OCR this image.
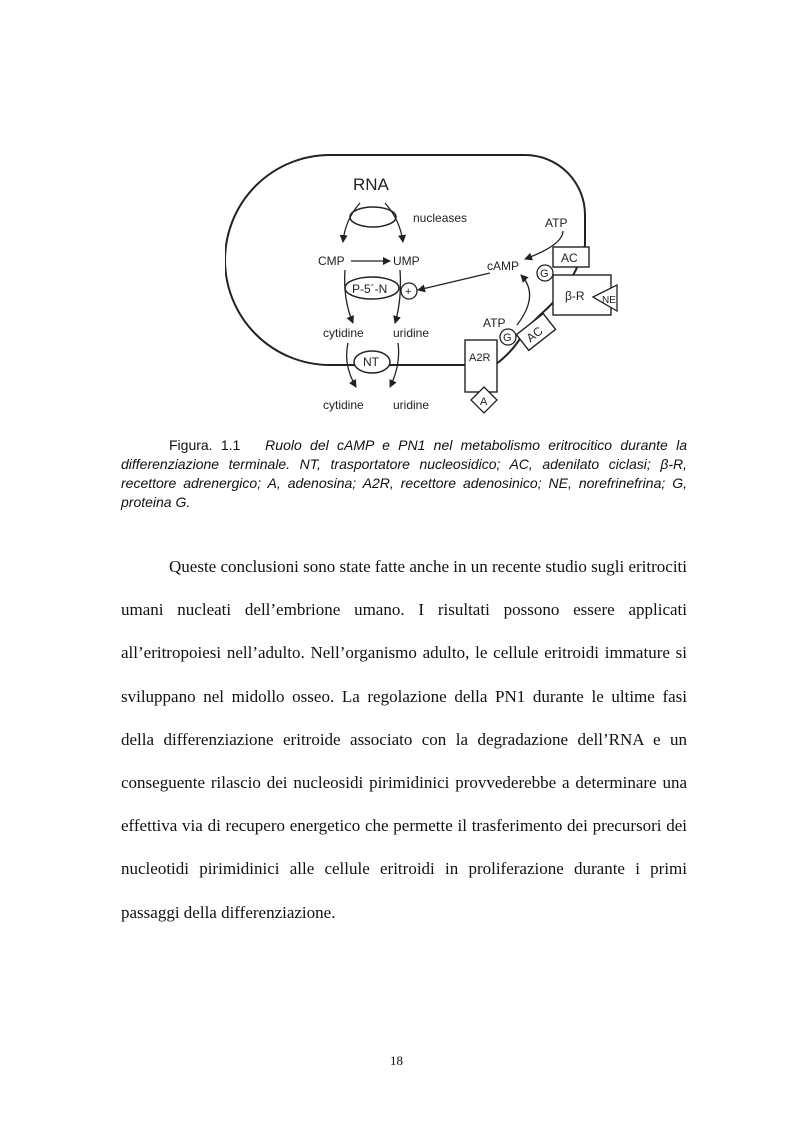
RNA
nucleases
CMP	UMP
P-5´-N +
cAMP
ATP
AC
G
β-R NE
ATP
G AC
A2R
A
cytidine uridine
NT
cytidine uridine
Figura. 1.1 Ruolo del cAMP e PN1 nel metabolismo eritrocitico durante la differenziazione terminale. NT, trasportatore nucleosidico; AC, adenilato ciclasi; β-R, recettore adrenergico; A, adenosina; A2R, recettore adenosinico; NE, norefrinefrina; G, proteina G.
Queste conclusioni sono state fatte anche in un recente studio sugli eritrociti umani nucleati dell’embrione umano. I risultati possono essere applicati all’eritropoiesi nell’adulto. Nell’organismo adulto, le cellule eritroidi immature si sviluppano nel midollo osseo. La regolazione della PN1 durante le ultime fasi della differenziazione eritroide associato con la degradazione dell’RNA e un conseguente rilascio dei nucleosidi pirimidinici provvederebbe a determinare una effettiva via di recupero energetico che permette il trasferimento dei precursori dei nucleotidi pirimidinici alle cellule eritroidi in proliferazione durante i primi passaggi della differenziazione.
18
